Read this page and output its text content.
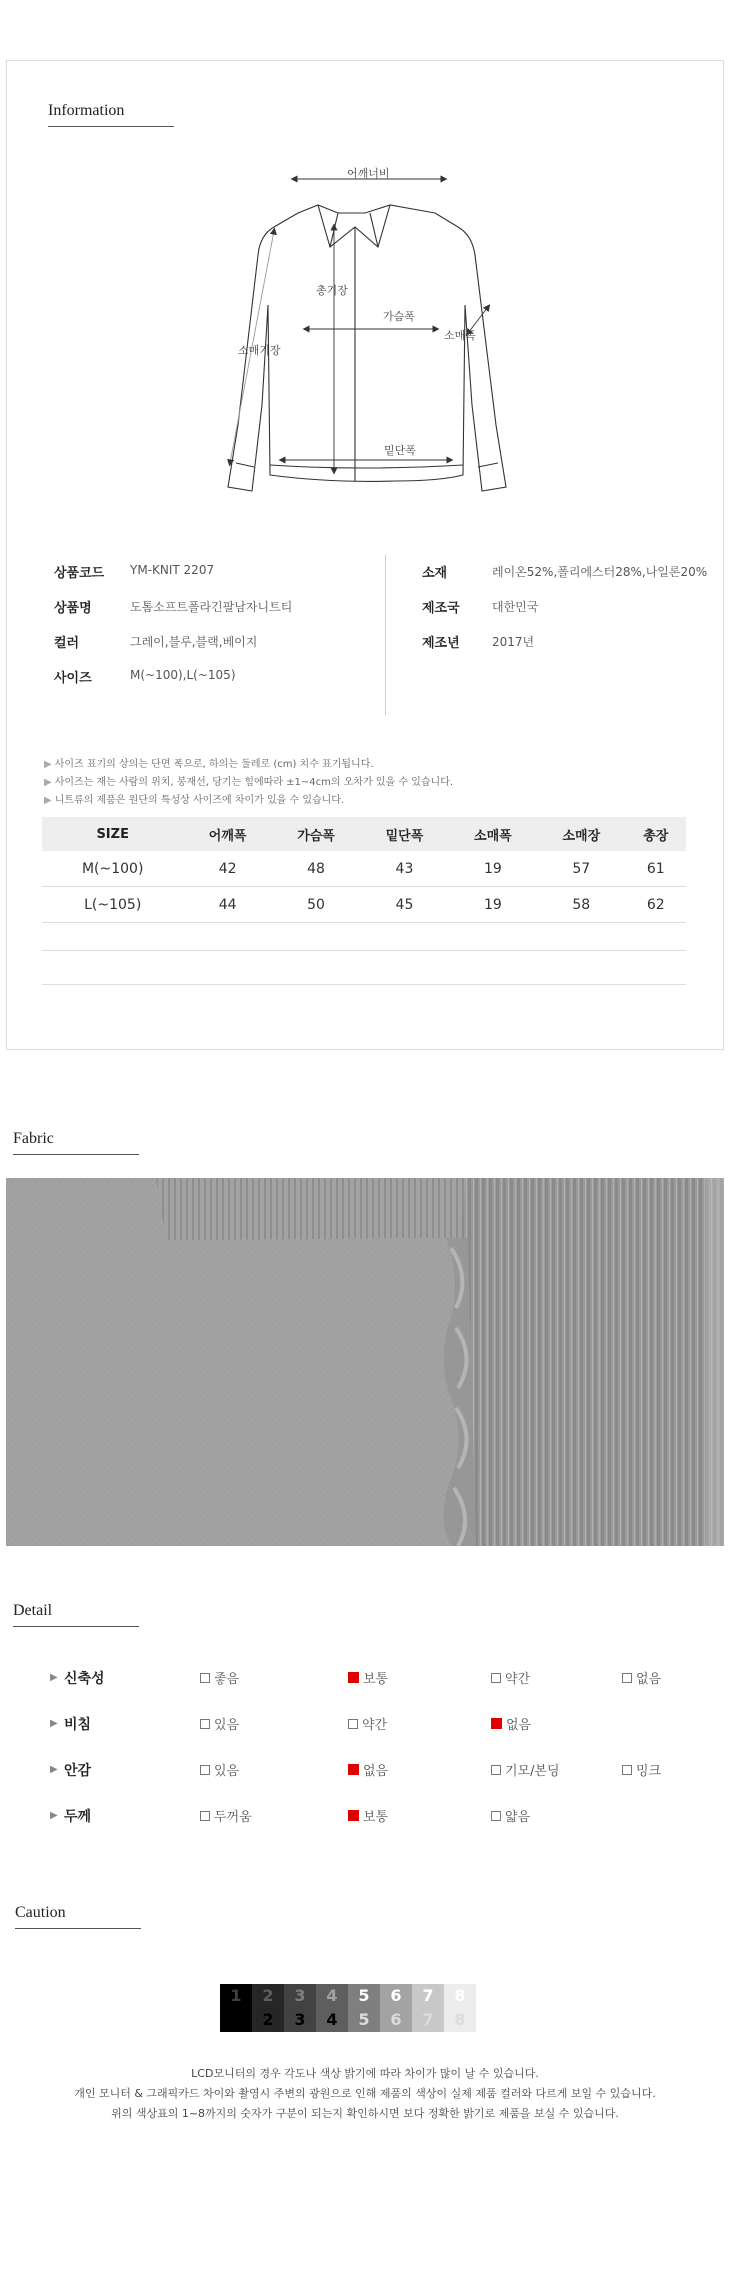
Information
어깨너비
총기장
가슴폭
소매폭
소매기장
밑단폭
상품코드 YM-KNIT 2207
상품명	도톰소프트폴라긴팔남자니트티
컬러	그레이,블루,블랙,베이지
사이즈	M(~100),L(~105)
소재	레이온52%,폴리에스터28%,나일론20%
제조국	대한민국
제조년	2017년
▶ 사이즈 표기의 상의는 단면 폭으로, 하의는 둘레로 (cm) 치수 표기됩니다.
▶ 사이즈는 재는 사람의 위치, 봉재선, 당기는 힘에따라 ±1~4cm의 오차가 있을 수 있습니다.
▶ 니트류의 제품은 원단의 특성상 사이즈에 차이가 있을 수 있습니다.
SIZE	어깨폭	가슴폭	밑단폭	소매폭	소매장	총장
M(~100)	42	48	43	19	57	61
L(~105)	44	50	45	19	58	62
Fabric
Detail
▶ 신축성	좋음	보통	약간	없음
▶ 비침	있음	약간	없음
▶ 안감	있음	없음	기모/본딩	밍크
▶ 두께	두꺼움	보통	얇음
Caution
1
1
2
2
3
3
4
4
5
5
6
6
7
7
8
8
LCD모니터의 경우 각도나 색상 밝기에 따라 차이가 많이 날 수 있습니다.
개인 모니터 & 그래픽카드 차이와 촬영시 주변의 광원으로 인해 제품의 색상이 실제 제품 컬러와 다르게 보일 수 있습니다.
위의 색상표의 1~8까지의 숫자가 구분이 되는지 확인하시면 보다 정확한 밝기로 제품을 보실 수 있습니다.
